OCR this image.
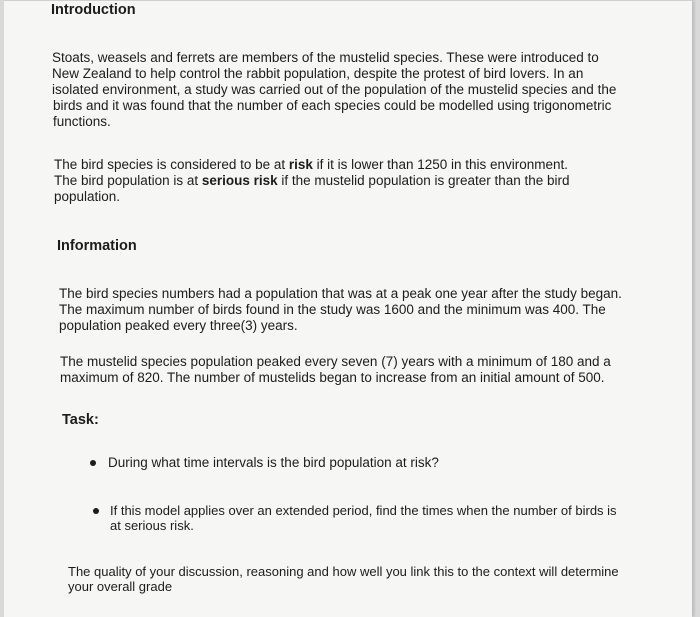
Introduction
Stoats, weasels and ferrets are members of the mustelid species. These were introduced to
New Zealand to help control the rabbit population, despite the protest of bird lovers. In an
isolated environment, a study was carried out of the population of the mustelid species and the
birds and it was found that the number of each species could be modelled using trigonometric
functions.
The bird species is considered to be at risk if it is lower than 1250 in this environment.
The bird population is at serious risk if the mustelid population is greater than the bird
population.
Information
The bird species numbers had a population that was at a peak one year after the study began.
The maximum number of birds found in the study was 1600 and the minimum was 400. The
population peaked every three(3) years.
The mustelid species population peaked every seven (7) years with a minimum of 180 and a
maximum of 820. The number of mustelids began to increase from an initial amount of 500.
Task:
During what time intervals is the bird population at risk?
If this model applies over an extended period, find the times when the number of birds is
at serious risk.
The quality of your discussion, reasoning and how well you link this to the context will determine
your overall grade
